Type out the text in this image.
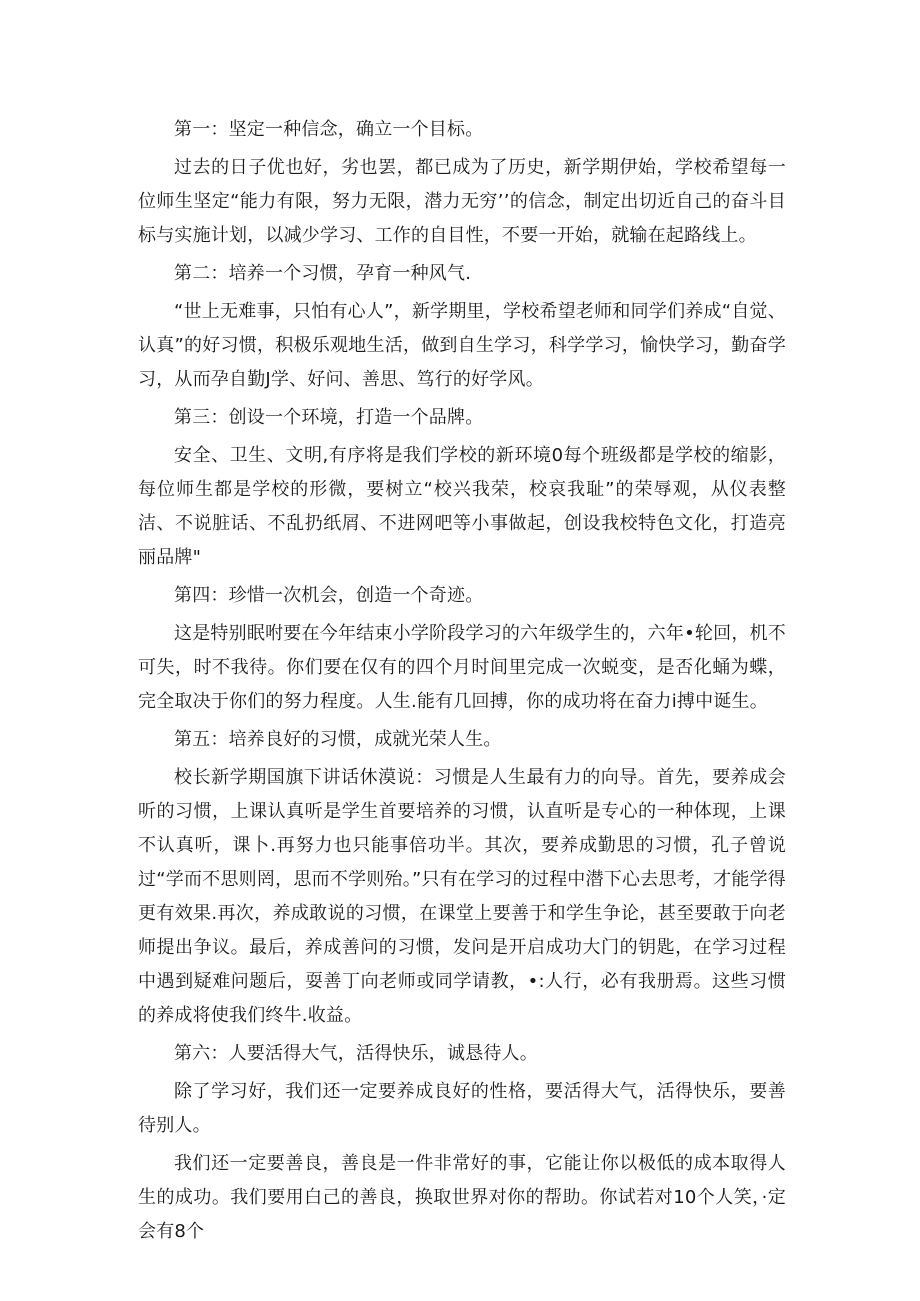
第一：坚定一种信念，确立一个目标。

过去的日子优也好，劣也罢，都已成为了历史，新学期伊始，学校希望每一位师生坚定“能力有限，努力无限，潜力无穷’’的信念，制定出切近自己的奋斗目标与实施计划，以减少学习、工作的自目性，不要一开始，就输在起路线上。

第二：培养一个习惯，孕育一种风气.

“世上无难事，只怕有心人”，新学期里，学校希望老师和同学们养成“自觉、认真”的好习惯，积极乐观地生活，做到自生学习，科学学习，愉快学习，勤奋学习，从而孕自勤J学、好问、善思、笃行的好学风。

第三：创设一个环境，打造一个品牌。

安全、卫生、文明,有序将是我们学校的新环境0每个班级都是学校的缩影，每位师生都是学校的形微，要树立“校兴我荣，校哀我耻”的荣辱观，从仪表整洁、不说脏话、不乱扔纸屑、不进网吧等小事做起，创设我校特色文化，打造亮丽品牌"

第四：珍惜一次机会，创造一个奇迹。

这是特别眠咐要在今年结束小学阶段学习的六年级学生的，六年•轮回，机不可失，时不我待。你们要在仅有的四个月时间里完成一次蜕变，是否化蛹为蝶，完全取决于你们的努力程度。人生.能有几回搏，你的成功将在奋力i搏中诞生。

第五：培养良好的习惯，成就光荣人生。

校长新学期国旗下讲话休漠说：习惯是人生最有力的向导。首先，要养成会听的习惯，上课认真听是学生首要培养的习惯，认直听是专心的一种体现，上课不认真听，课卜.再努力也只能事倍功半。其次，要养成勤思的习惯，孔子曾说过“学而不思则罔，思而不学则殆。”只有在学习的过程中潜下心去思考，才能学得更有效果.再次，养成敢说的习惯，在课堂上要善于和学生争论，甚至要敢于向老师提出争议。最后，养成善问的习惯，发问是开启成功大门的钥匙，在学习过程中遇到疑难问题后，耍善丁向老师或同学请教，•:人行，必有我册焉。这些习惯的养成将使我们终牛.收益。

第六：人要活得大气，活得快乐，诚恳待人。

除了学习好，我们还一定要养成良好的性格，要活得大气，活得快乐，要善待别人。

我们还一定要善良，善良是一件非常好的事，它能让你以极低的成本取得人生的成功。我们要用白己的善良，换取世界对你的帮助。你试若对10个人笑，·定会有8个
